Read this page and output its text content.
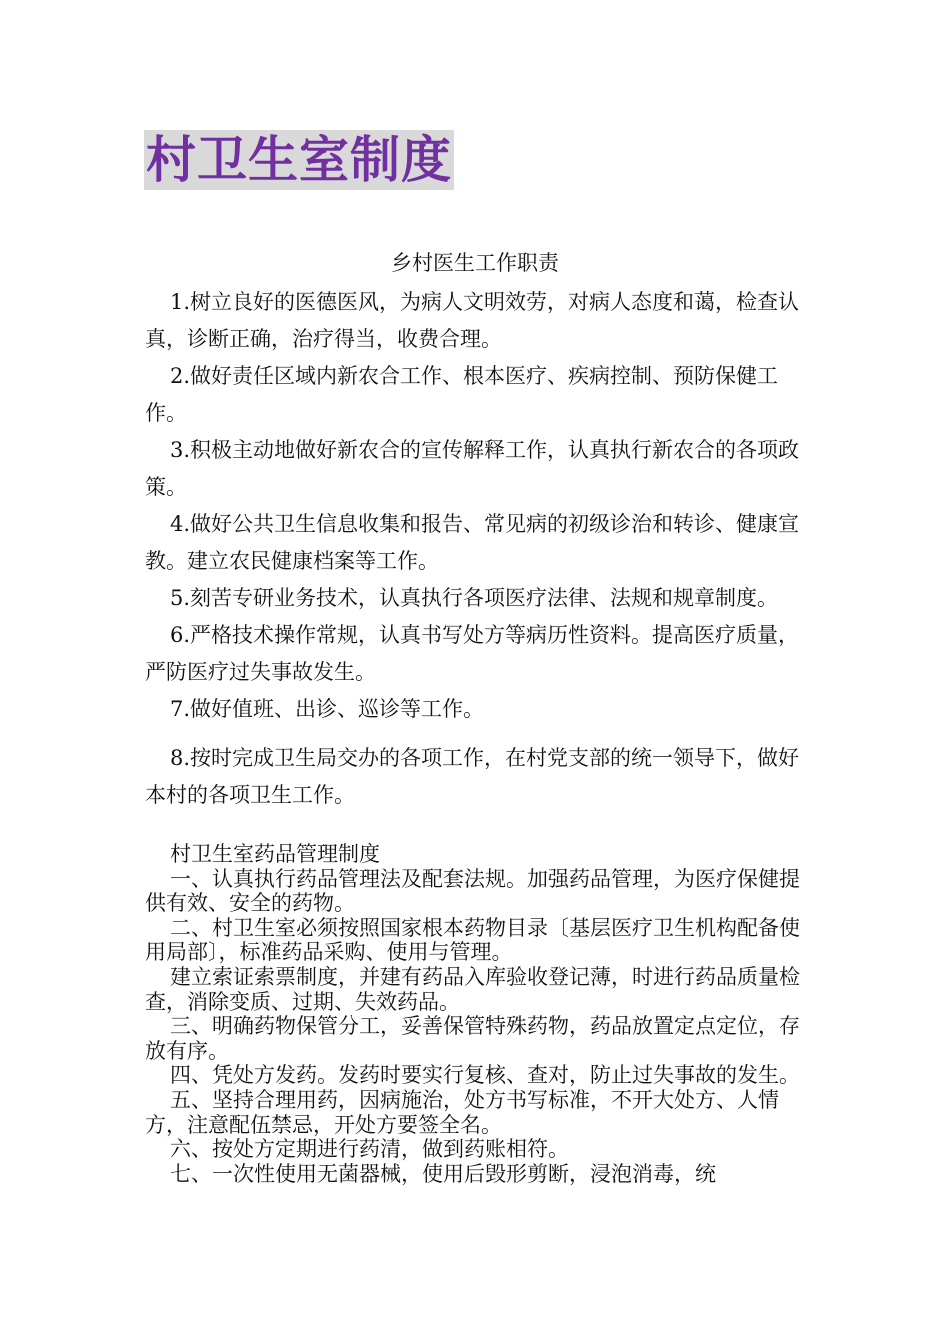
村卫生室制度
乡村医生工作职责

1.树立良好的医德医风，为病人文明效劳，对病人态度和蔼，检查认真，诊断正确，治疗得当，收费合理。

2.做好责任区域内新农合工作、根本医疗、疾病控制、预防保健工作。

3.积极主动地做好新农合的宣传解释工作，认真执行新农合的各项政策。

4.做好公共卫生信息收集和报告、常见病的初级诊治和转诊、健康宣教。建立农民健康档案等工作。

5.刻苦专研业务技术，认真执行各项医疗法律、法规和规章制度。

6.严格技术操作常规，认真书写处方等病历性资料。提高医疗质量，严防医疗过失事故发生。

7.做好值班、出诊、巡诊等工作。

8.按时完成卫生局交办的各项工作，在村党支部的统一领导下，做好本村的各项卫生工作。

村卫生室药品管理制度

一、认真执行药品管理法及配套法规。加强药品管理，为医疗保健提供有效、安全的药物。

二、村卫生室必须按照国家根本药物目录〔基层医疗卫生机构配备使用局部〕，标准药品采购、使用与管理。

建立索证索票制度，并建有药品入库验收登记薄，时进行药品质量检查，消除变质、过期、失效药品。

三、明确药物保管分工，妥善保管特殊药物，药品放置定点定位，存放有序。

四、凭处方发药。发药时要实行复核、查对，防止过失事故的发生。

五、坚持合理用药，因病施治，处方书写标准，不开大处方、人情方，注意配伍禁忌，开处方要签全名。

六、按处方定期进行药清，做到药账相符。

七、一次性使用无菌器械，使用后毁形剪断，浸泡消毒，统
